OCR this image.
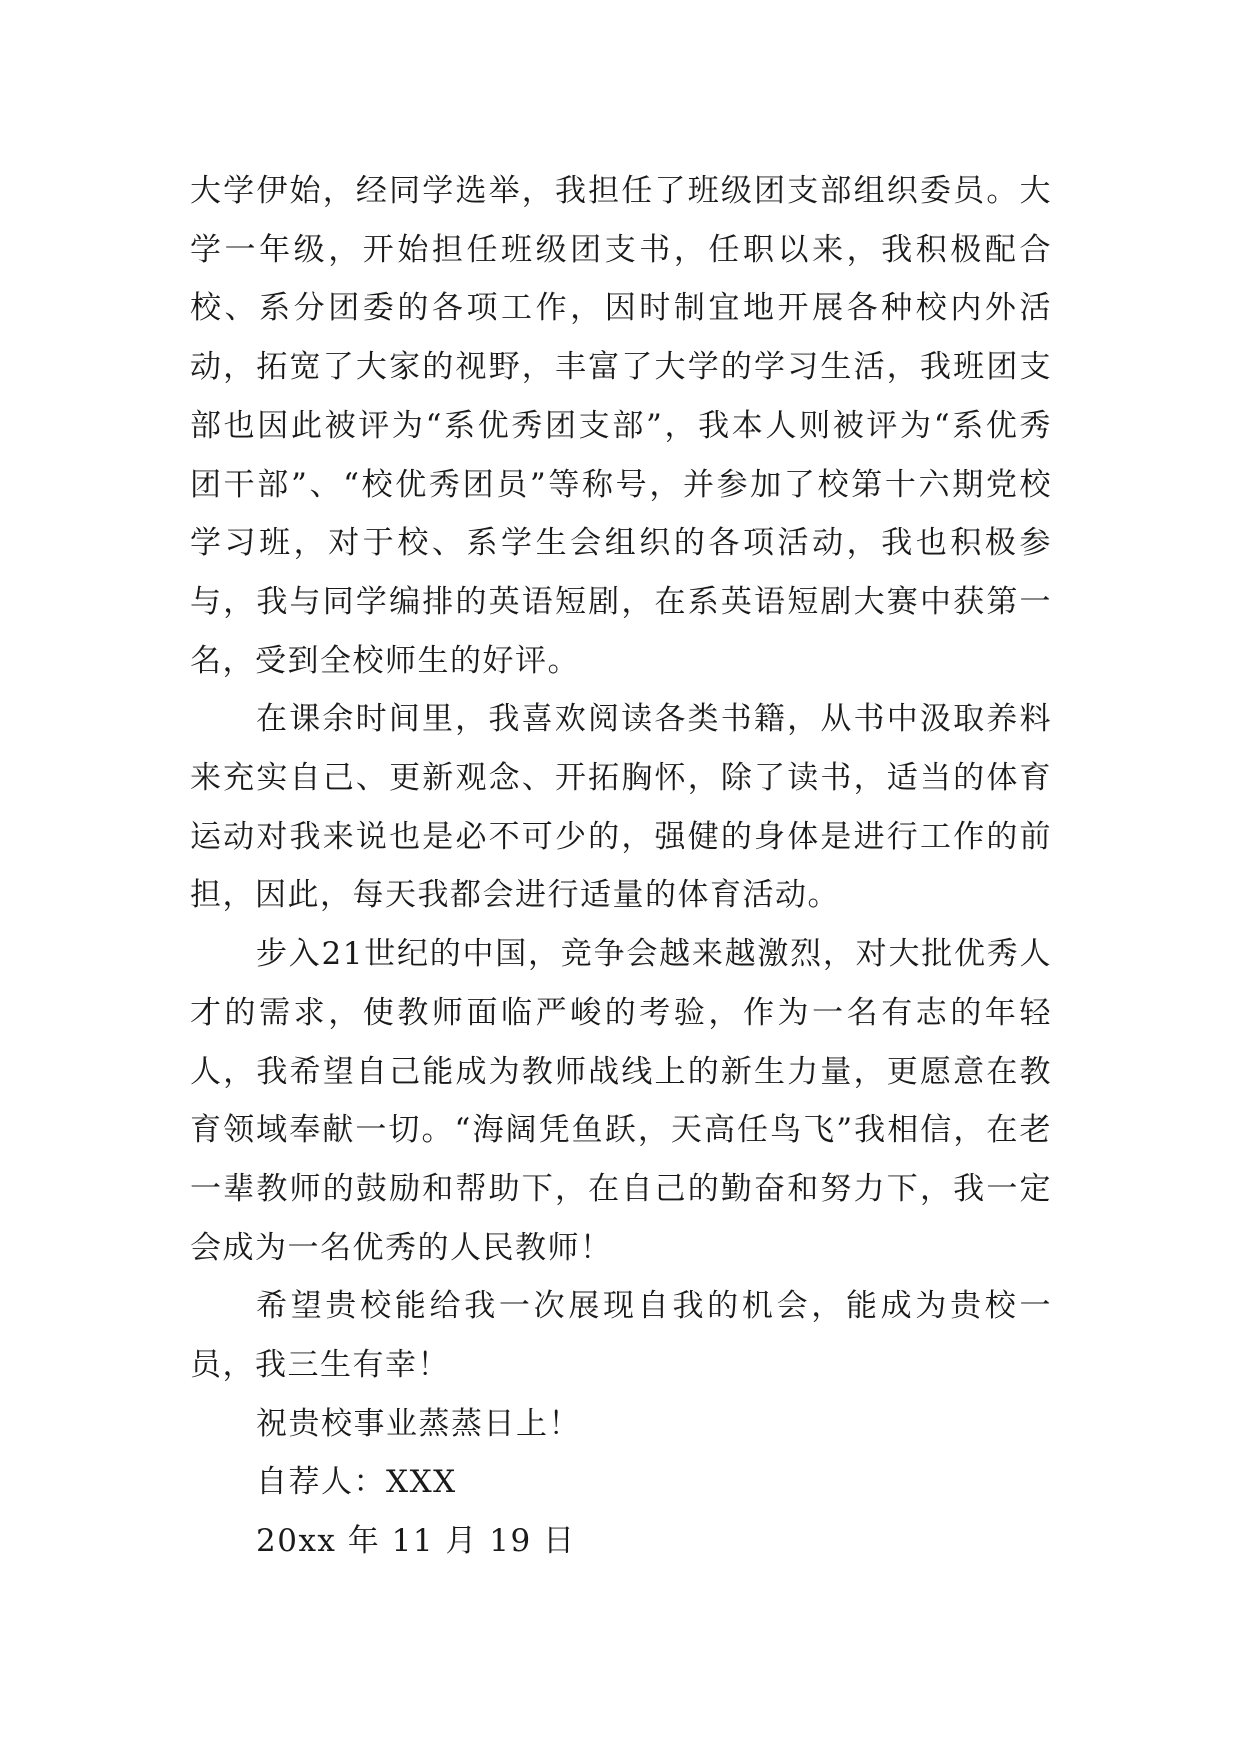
大学伊始，经同学选举，我担任了班级团支部组织委员。大学一年级，开始担任班级团支书，任职以来，我积极配合校、系分团委的各项工作，因时制宜地开展各种校内外活动，拓宽了大家的视野，丰富了大学的学习生活，我班团支部也因此被评为“系优秀团支部”，我本人则被评为“系优秀团干部”、“校优秀团员”等称号，并参加了校第十六期党校学习班，对于校、系学生会组织的各项活动，我也积极参与，我与同学编排的英语短剧，在系英语短剧大赛中获第一名，受到全校师生的好评。

在课余时间里，我喜欢阅读各类书籍，从书中汲取养料来充实自己、更新观念、开拓胸怀，除了读书，适当的体育运动对我来说也是必不可少的，强健的身体是进行工作的前担，因此，每天我都会进行适量的体育活动。

步入21世纪的中国，竞争会越来越激烈，对大批优秀人才的需求，使教师面临严峻的考验，作为一名有志的年轻人，我希望自己能成为教师战线上的新生力量，更愿意在教育领域奉献一切。“海阔凭鱼跃，天高任鸟飞”我相信，在老一辈教师的鼓励和帮助下，在自己的勤奋和努力下，我一定会成为一名优秀的人民教师！

希望贵校能给我一次展现自我的机会，能成为贵校一员，我三生有幸！

祝贵校事业蒸蒸日上！

自荐人：XXX

20xx 年 11 月 19 日
